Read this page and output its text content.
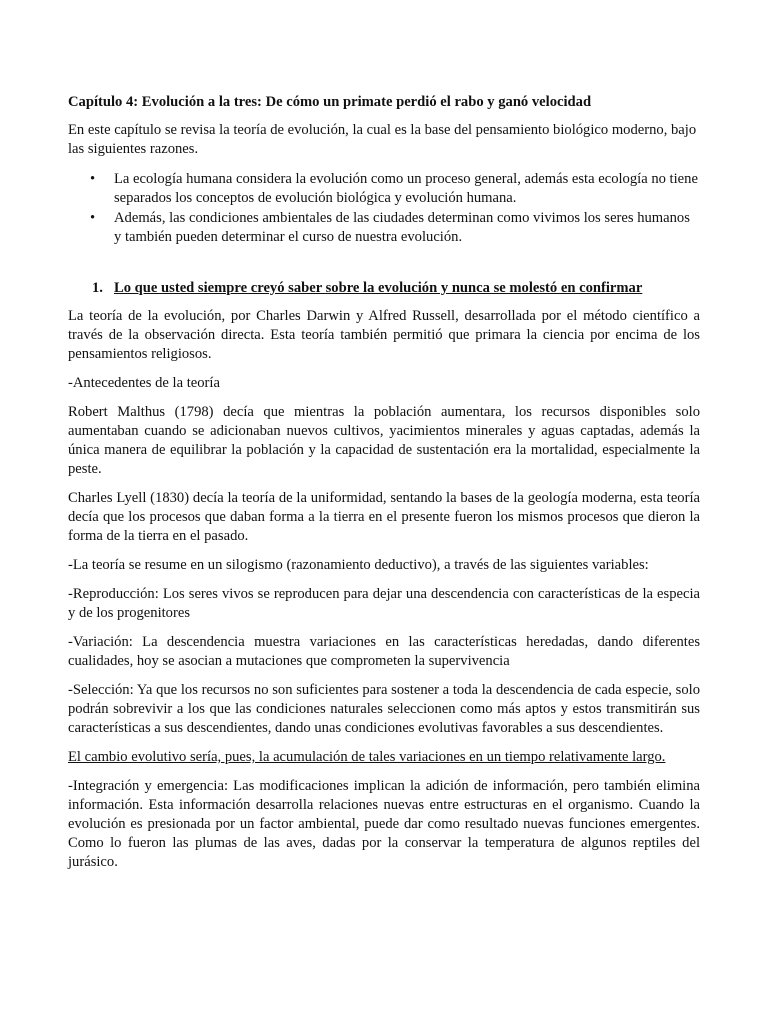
Capítulo 4: Evolución a la tres: De cómo un primate perdió el rabo y ganó velocidad

En este capítulo se revisa la teoría de evolución, la cual es la base del pensamiento biológico moderno, bajo las siguientes razones.

• La ecología humana considera la evolución como un proceso general, además esta ecología no tiene separados los conceptos de evolución biológica y evolución humana.
• Además, las condiciones ambientales de las ciudades determinan como vivimos los seres humanos y también pueden determinar el curso de nuestra evolución.
1. Lo que usted siempre creyó saber sobre la evolución y nunca se molestó en confirmar

La teoría de la evolución, por Charles Darwin y Alfred Russell, desarrollada por el método científico a través de la observación directa. Esta teoría también permitió que primara la ciencia por encima de los pensamientos religiosos.

-Antecedentes de la teoría

Robert Malthus (1798) decía que mientras la población aumentara, los recursos disponibles solo aumentaban cuando se adicionaban nuevos cultivos, yacimientos minerales y aguas captadas, además la única manera de equilibrar la población y la capacidad de sustentación era la mortalidad, especialmente la peste.

Charles Lyell (1830) decía la teoría de la uniformidad, sentando la bases de la geología moderna, esta teoría decía que los procesos que daban forma a la tierra en el presente fueron los mismos procesos que dieron la forma de la tierra en el pasado.

-La teoría se resume en un silogismo (razonamiento deductivo), a través de las siguientes variables:

-Reproducción: Los seres vivos se reproducen para dejar una descendencia con características de la especia y de los progenitores

-Variación: La descendencia muestra variaciones en las características heredadas, dando diferentes cualidades, hoy se asocian a mutaciones que comprometen la supervivencia

-Selección: Ya que los recursos no son suficientes para sostener a toda la descendencia de cada especie, solo podrán sobrevivir a los que las condiciones naturales seleccionen como más aptos y estos transmitirán sus características a sus descendientes, dando unas condiciones evolutivas favorables a sus descendientes.

El cambio evolutivo sería, pues, la acumulación de tales variaciones en un tiempo relativamente largo.

-Integración y emergencia: Las modificaciones implican la adición de información, pero también elimina información. Esta información desarrolla relaciones nuevas entre estructuras en el organismo. Cuando la evolución es presionada por un factor ambiental, puede dar como resultado nuevas funciones emergentes. Como lo fueron las plumas de las aves, dadas por la conservar la temperatura de algunos reptiles del jurásico.
